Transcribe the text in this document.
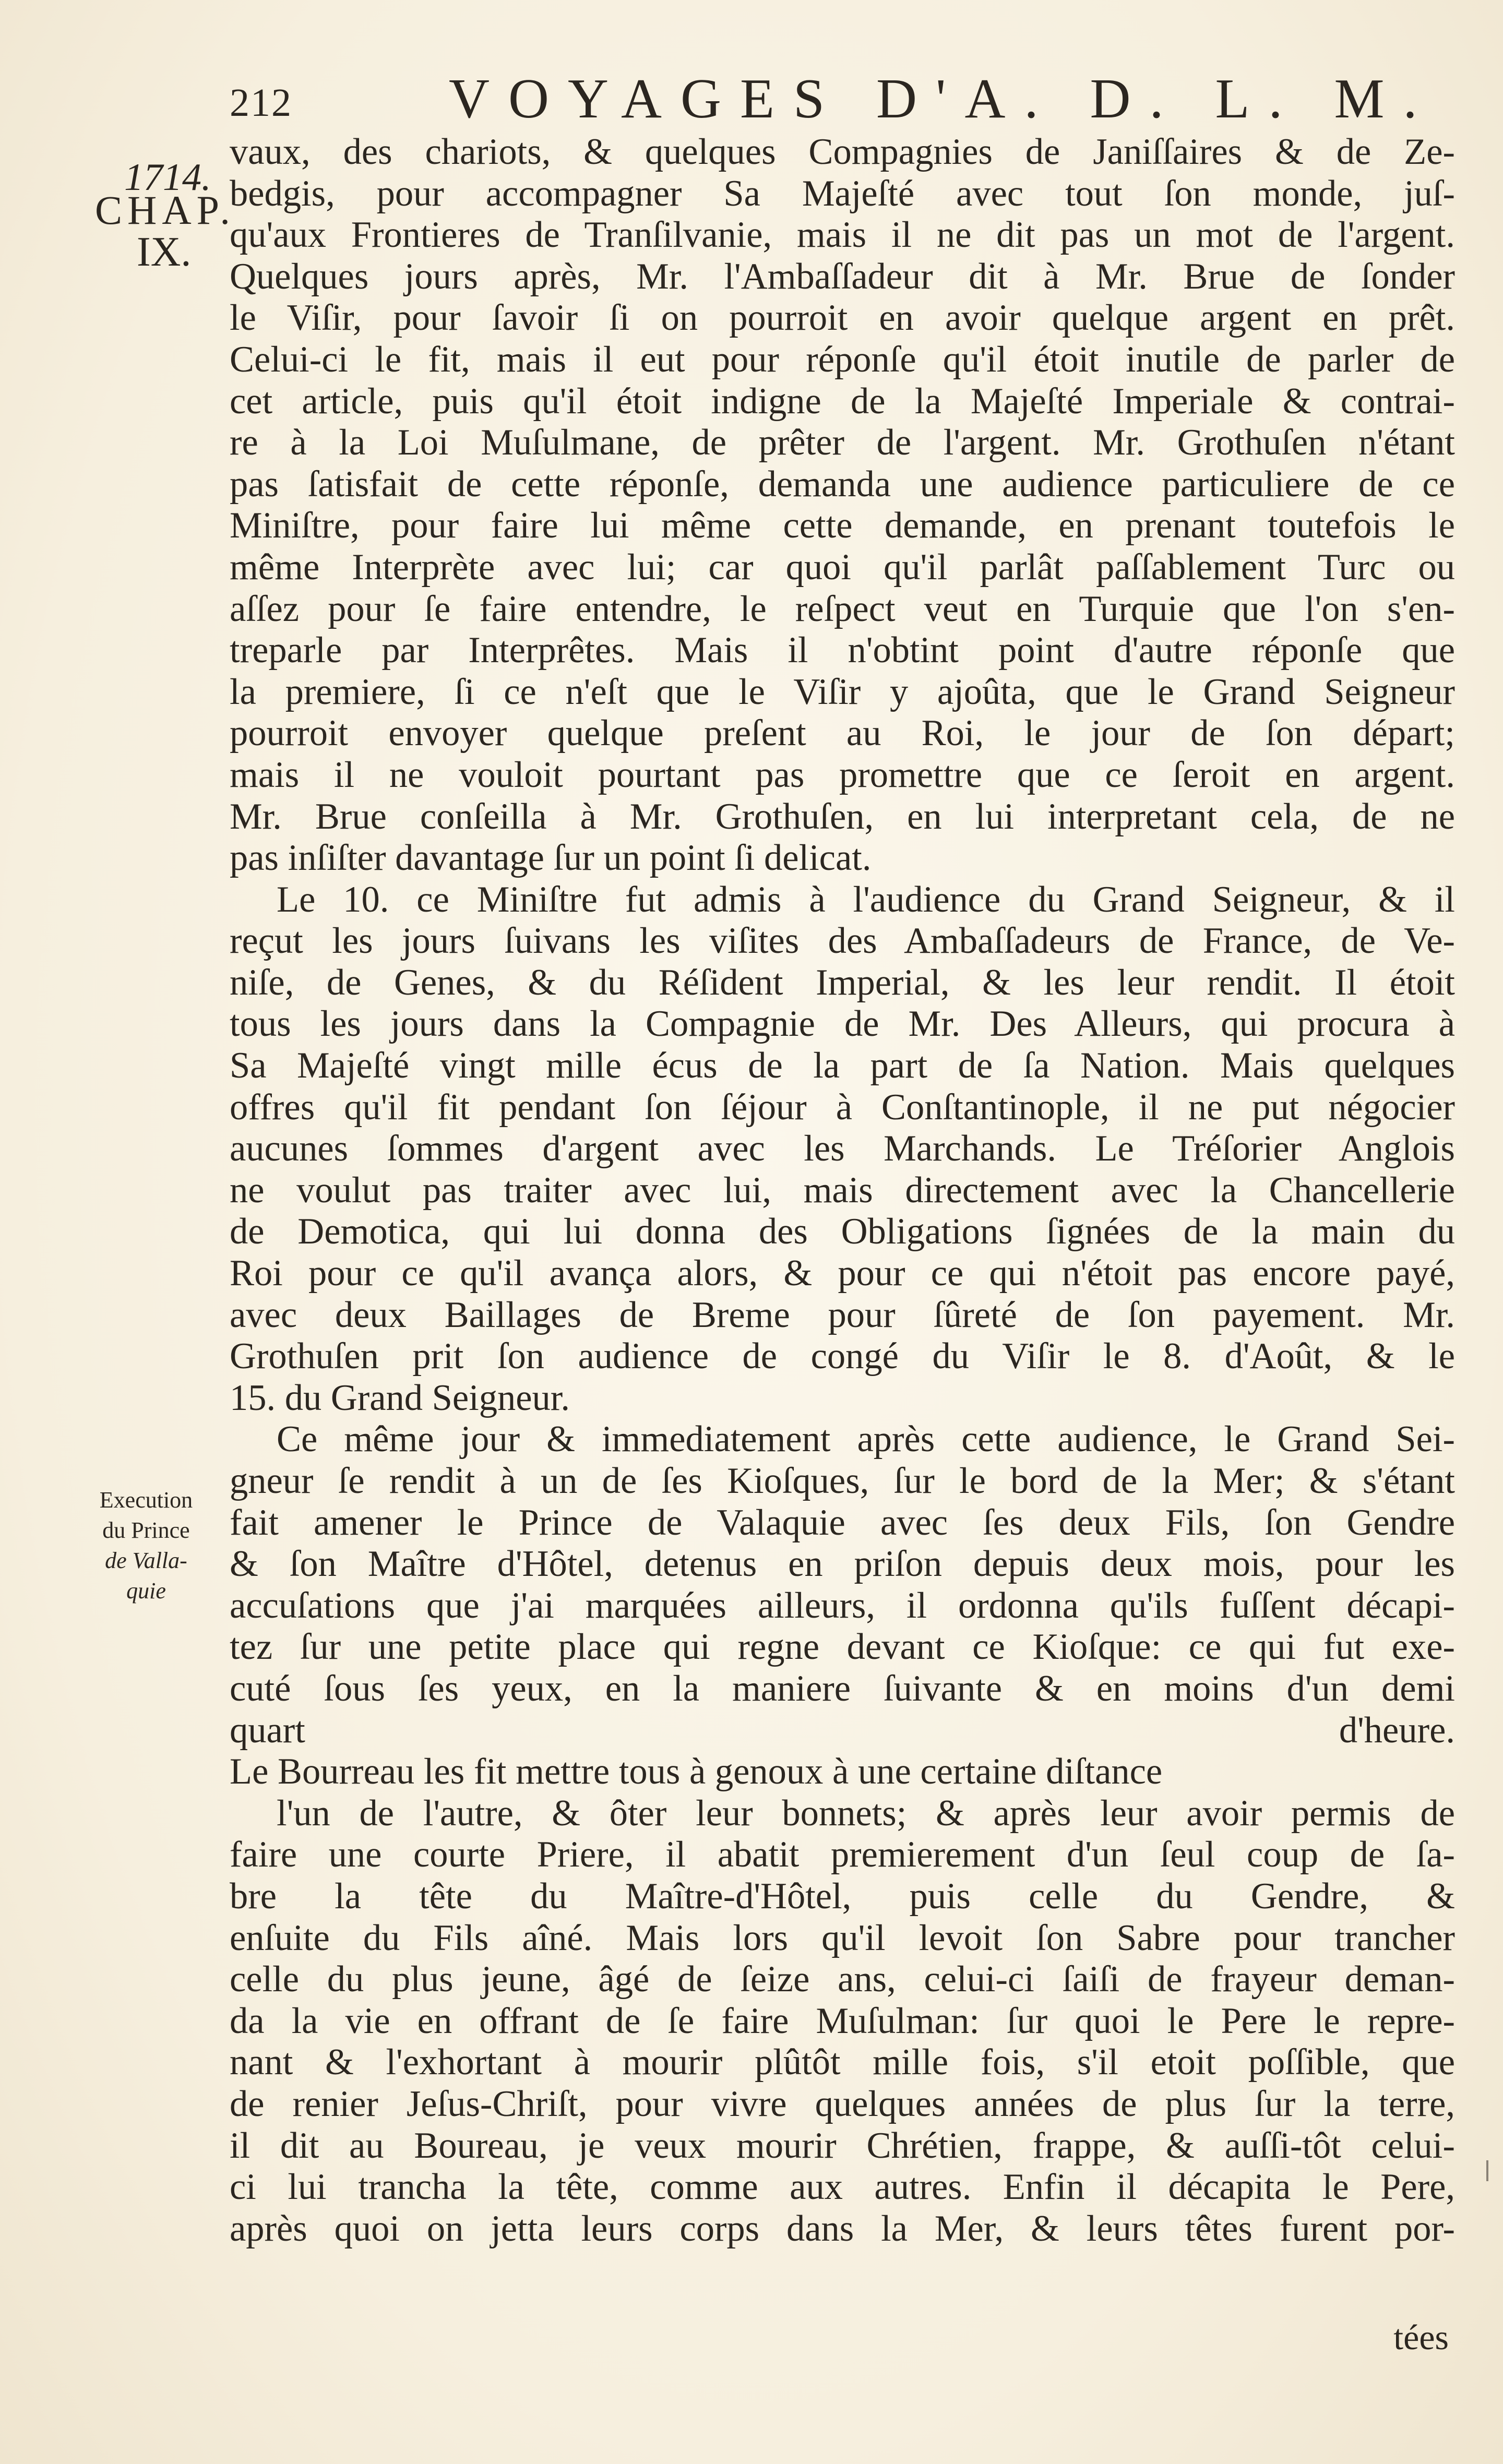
212	VOYAGES D'A. D. L. M.
1714.
CHAP.
IX.
Execution
du Prince
de Valla-
quie
vaux, des chariots, & quelques Compagnies de Janiſſaires & de Ze-
bedgis, pour accompagner Sa Majeſté avec tout ſon monde, juſ-
qu'aux Frontieres de Tranſilvanie, mais il ne dit pas un mot de l'argent.
Quelques jours après, Mr. l'Ambaſſadeur dit à Mr. Brue de ſonder
le Viſir, pour ſavoir ſi on pourroit en avoir quelque argent en prêt.
Celui-ci le fit, mais il eut pour réponſe qu'il étoit inutile de parler de
cet article, puis qu'il étoit indigne de la Majeſté Imperiale & contrai-
re à la Loi Muſulmane, de prêter de l'argent. Mr. Grothuſen n'étant
pas ſatisfait de cette réponſe, demanda une audience particuliere de ce
Miniſtre, pour faire lui même cette demande, en prenant toutefois le
même Interprète avec lui; car quoi qu'il parlât paſſablement Turc ou
aſſez pour ſe faire entendre, le reſpect veut en Turquie que l'on s'en-
treparle par Interprêtes. Mais il n'obtint point d'autre réponſe que
la premiere, ſi ce n'eſt que le Viſir y ajoûta, que le Grand Seigneur
pourroit envoyer quelque preſent au Roi, le jour de ſon départ;
mais il ne vouloit pourtant pas promettre que ce ſeroit en argent.
Mr. Brue conſeilla à Mr. Grothuſen, en lui interpretant cela, de ne
pas inſiſter davantage ſur un point ſi delicat.
Le 10. ce Miniſtre fut admis à l'audience du Grand Seigneur, & il
reçut les jours ſuivans les viſites des Ambaſſadeurs de France, de Ve-
niſe, de Genes, & du Réſident Imperial, & les leur rendit. Il étoit
tous les jours dans la Compagnie de Mr. Des Alleurs, qui procura à
Sa Majeſté vingt mille écus de la part de ſa Nation. Mais quelques
offres qu'il fit pendant ſon ſéjour à Conſtantinople, il ne put négocier
aucunes ſommes d'argent avec les Marchands. Le Tréſorier Anglois
ne voulut pas traiter avec lui, mais directement avec la Chancellerie
de Demotica, qui lui donna des Obligations ſignées de la main du
Roi pour ce qu'il avança alors, & pour ce qui n'étoit pas encore payé,
avec deux Baillages de Breme pour ſûreté de ſon payement. Mr.
Grothuſen prit ſon audience de congé du Viſir le 8. d'Août, & le
15. du Grand Seigneur.
Ce même jour & immediatement après cette audience, le Grand Sei-
gneur ſe rendit à un de ſes Kioſques, ſur le bord de la Mer; & s'étant
fait amener le Prince de Valaquie avec ſes deux Fils, ſon Gendre
& ſon Maître d'Hôtel, detenus en priſon depuis deux mois, pour les
accuſations que j'ai marquées ailleurs, il ordonna qu'ils fuſſent décapi-
tez ſur une petite place qui regne devant ce Kioſque: ce qui fut exe-
cuté ſous ſes yeux, en la maniere ſuivante & en moins d'un demi
quart d'heure.
Le Bourreau les fit mettre tous à genoux à une certaine diſtance
l'un de l'autre, & ôter leur bonnets; & après leur avoir permis de
faire une courte Priere, il abatit premierement d'un ſeul coup de ſa-
bre la tête du Maître-d'Hôtel, puis celle du Gendre, &
enſuite du Fils aîné. Mais lors qu'il levoit ſon Sabre pour trancher
celle du plus jeune, âgé de ſeize ans, celui-ci ſaiſi de frayeur deman-
da la vie en offrant de ſe faire Muſulman: ſur quoi le Pere le repre-
nant & l'exhortant à mourir plûtôt mille fois, s'il etoit poſſible, que
de renier Jeſus-Chriſt, pour vivre quelques années de plus ſur la terre,
il dit au Boureau, je veux mourir Chrétien, frappe, & auſſi-tôt celui-
ci lui trancha la tête, comme aux autres. Enfin il décapita le Pere,
après quoi on jetta leurs corps dans la Mer, & leurs têtes furent por-
tées
